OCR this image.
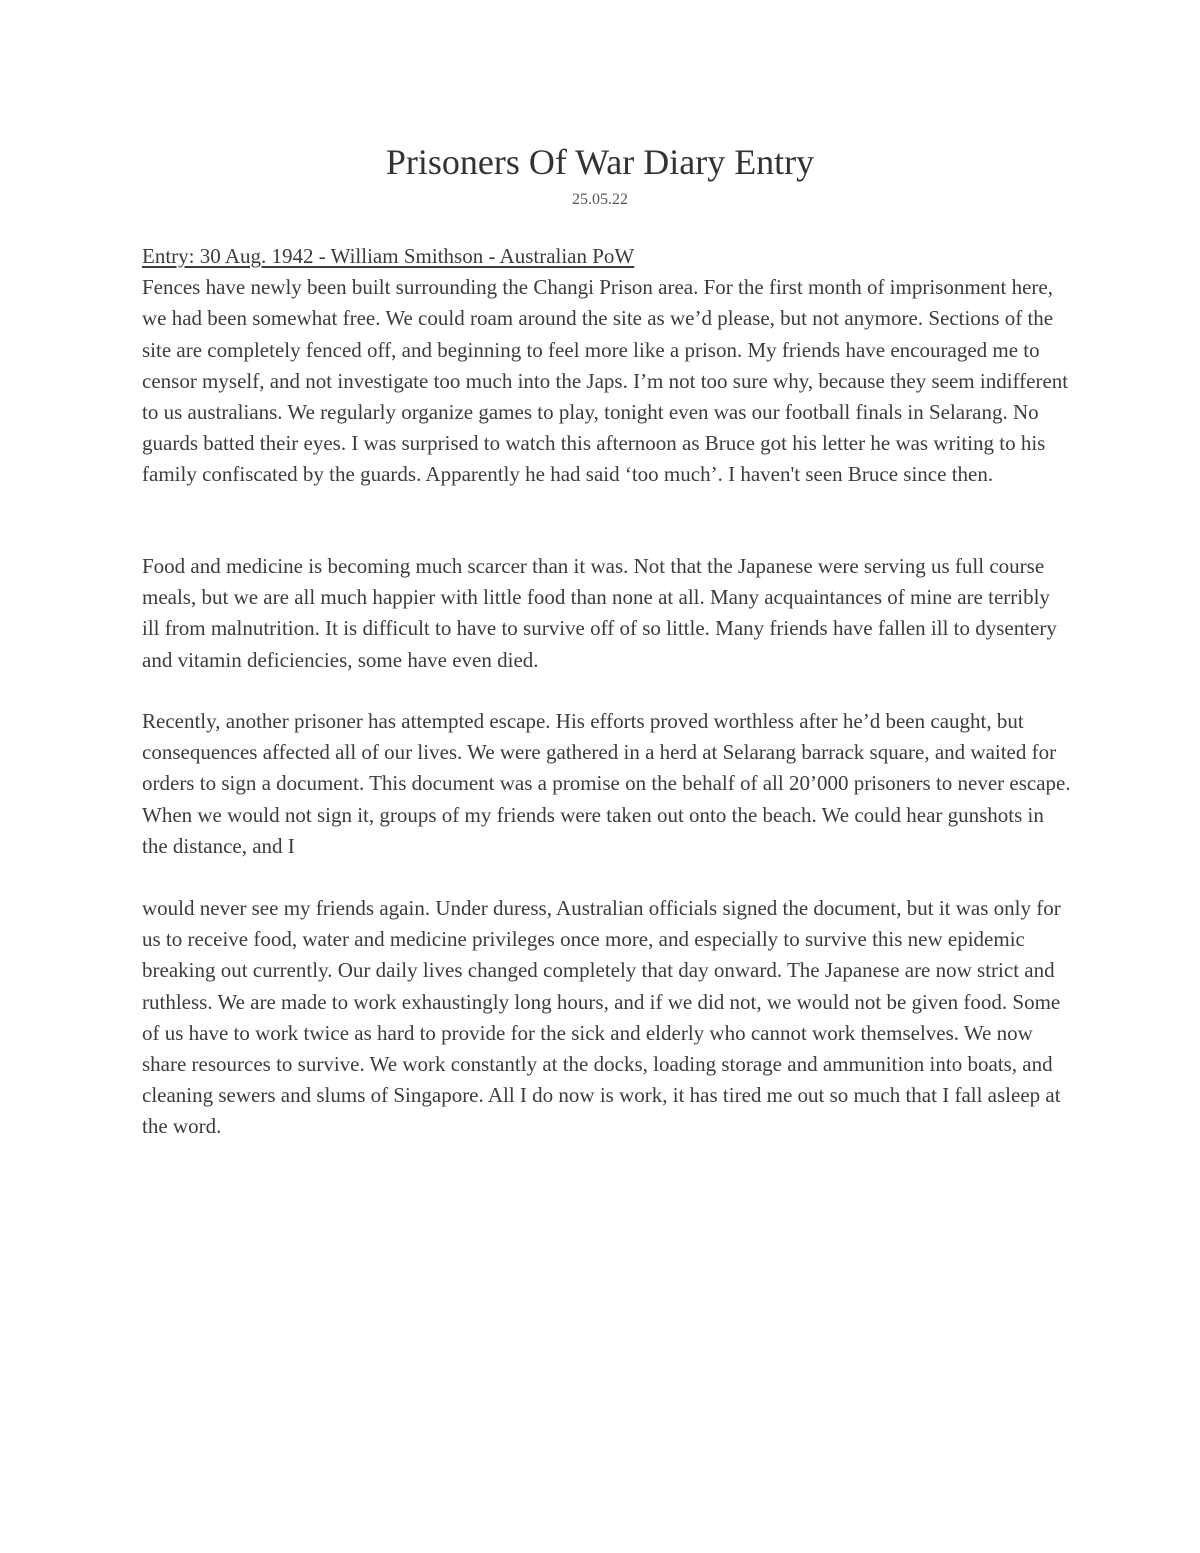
Prisoners Of War Diary Entry
25.05.22

Entry: 30 Aug. 1942 - William Smithson - Australian PoW

Fences have newly been built surrounding the Changi Prison area. For the first month of imprisonment here, we had been somewhat free. We could roam around the site as we’d please, but not anymore. Sections of the site are completely fenced off, and beginning to feel more like a prison. My friends have encouraged me to censor myself, and not investigate too much into the Japs. I’m not too sure why, because they seem indifferent to us australians. We regularly organize games to play, tonight even was our football finals in Selarang. No guards batted their eyes. I was surprised to watch this afternoon as Bruce got his letter he was writing to his family confiscated by the guards. Apparently he had said ‘too much’. I haven't seen Bruce since then.

Food and medicine is becoming much scarcer than it was. Not that the Japanese were serving us full course meals, but we are all much happier with little food than none at all. Many acquaintances of mine are terribly ill from malnutrition. It is difficult to have to survive off of so little. Many friends have fallen ill to dysentery and vitamin deficiencies, some have even died.

Recently, another prisoner has attempted escape. His efforts proved worthless after he’d been caught, but consequences affected all of our lives. We were gathered in a herd at Selarang barrack square, and waited for orders to sign a document. This document was a promise on the behalf of all 20’000 prisoners to never escape. When we would not sign it, groups of my friends were taken out onto the beach. We could hear gunshots in the distance, and I

would never see my friends again. Under duress, Australian officials signed the document, but it was only for us to receive food, water and medicine privileges once more, and especially to survive this new epidemic breaking out currently. Our daily lives changed completely that day onward. The Japanese are now strict and ruthless. We are made to work exhaustingly long hours, and if we did not, we would not be given food. Some of us have to work twice as hard to provide for the sick and elderly who cannot work themselves. We now share resources to survive. We work constantly at the docks, loading storage and ammunition into boats, and cleaning sewers and slums of Singapore. All I do now is work, it has tired me out so much that I fall asleep at the word.
